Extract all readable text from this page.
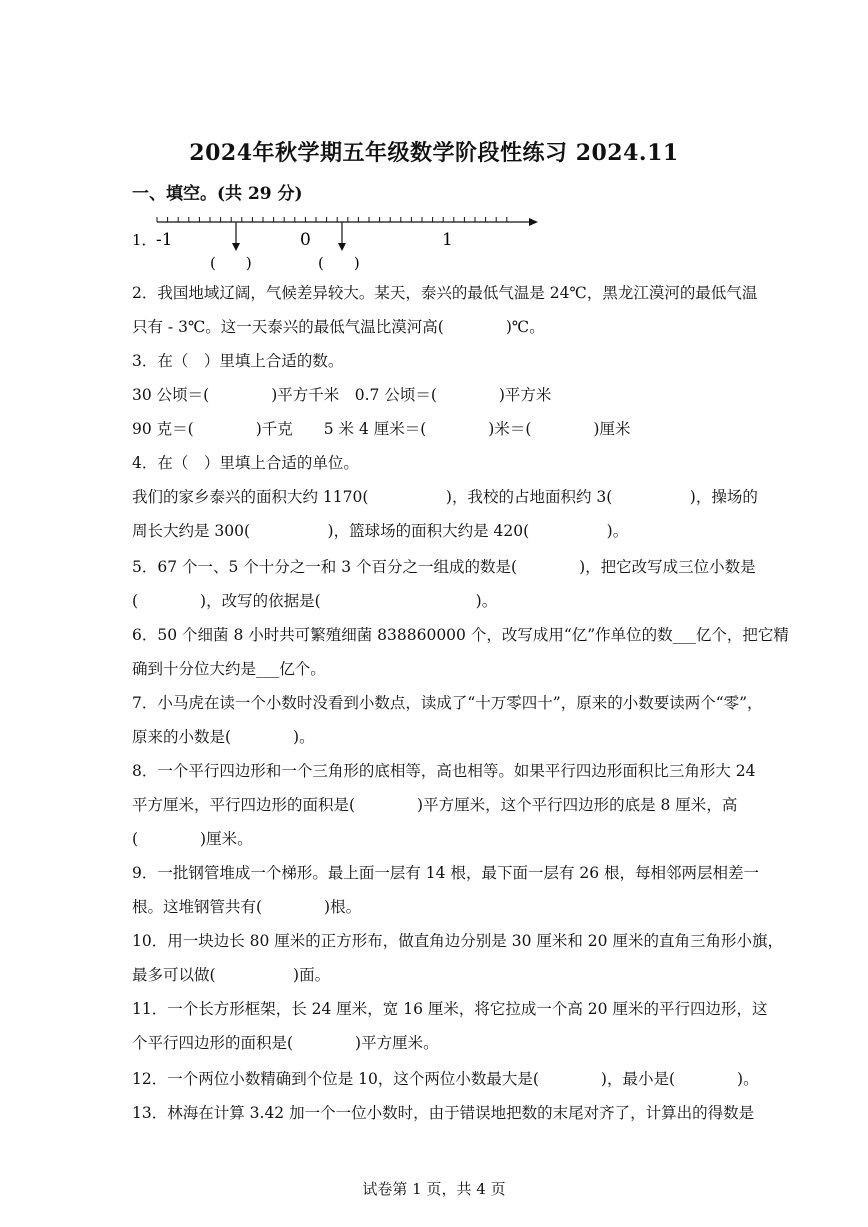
2024年秋学期五年级数学阶段性练习 2024.11
一、填空。(共 29 分)
1． -1	0	1
(　　)	(　　)
2．我国地域辽阔，气候差异较大。某天，泰兴的最低气温是 24℃，黑龙江漠河的最低气温
只有 - 3℃。这一天泰兴的最低气温比漠河高(　　　　)℃。
3．在（　）里填上合适的数。
30 公顷＝(　　　　)平方千米　0.7 公顷＝(　　　　)平方米
90 克＝(　　　　)千克　　5 米 4 厘米＝(　　　　)米＝(　　　　)厘米
4．在（　）里填上合适的单位。
我们的家乡泰兴的面积大约 1170(　　　　　)，我校的占地面积约 3(　　　　　)，操场的
周长大约是 300(　　　　　)，篮球场的面积大约是 420(　　　　　)。
5．67 个一、5 个十分之一和 3 个百分之一组成的数是(　　　　)，把它改写成三位小数是
(　　　　)，改写的依据是(　　　　　　　　　　)。
6．50 个细菌 8 小时共可繁殖细菌 838860000 个，改写成用“亿”作单位的数___亿个，把它精
确到十分位大约是___亿个。
7．小马虎在读一个小数时没看到小数点，读成了“十万零四十”，原来的小数要读两个“零”，
原来的小数是(　　　　)。
8．一个平行四边形和一个三角形的底相等，高也相等。如果平行四边形面积比三角形大 24
平方厘米，平行四边形的面积是(　　　　)平方厘米，这个平行四边形的底是 8 厘米，高
(　　　　)厘米。
9．一批钢管堆成一个梯形。最上面一层有 14 根，最下面一层有 26 根，每相邻两层相差一
根。这堆钢管共有(　　　　)根。
10．用一块边长 80 厘米的正方形布，做直角边分别是 30 厘米和 20 厘米的直角三角形小旗，
最多可以做(　　　　　)面。
11．一个长方形框架，长 24 厘米，宽 16 厘米，将它拉成一个高 20 厘米的平行四边形，这
个平行四边形的面积是(　　　　)平方厘米。
12．一个两位小数精确到个位是 10，这个两位小数最大是(　　　　)，最小是(　　　　)。
13．林海在计算 3.42 加一个一位小数时，由于错误地把数的末尾对齐了，计算出的得数是
试卷第 1 页，共 4 页
